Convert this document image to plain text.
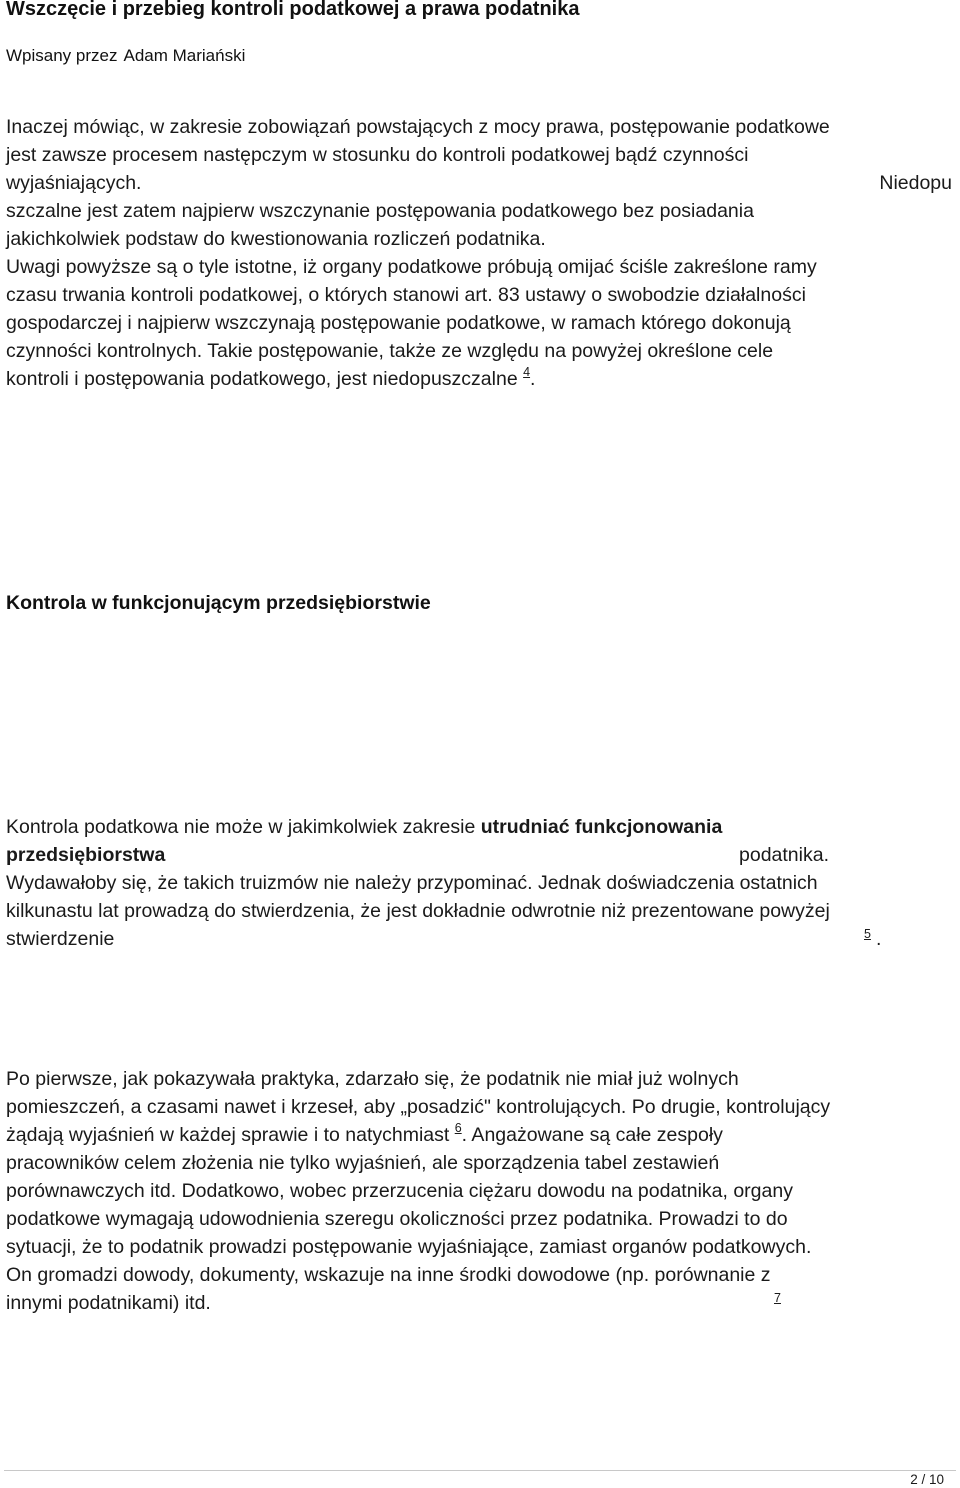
Wszczęcie i przebieg kontroli podatkowej a prawa podatnika
Wpisany przez Adam Mariański
Inaczej mówiąc, w zakresie zobowiązań powstających z mocy prawa, postępowanie podatkowe
jest zawsze procesem następczym w stosunku do kontroli podatkowej bądź czynności
wyjaśniających.	Niedopu
szczalne jest zatem najpierw wszczynanie postępowania podatkowego bez posiadania
jakichkolwiek podstaw do kwestionowania rozliczeń podatnika.
Uwagi powyższe są o tyle istotne, iż organy podatkowe próbują omijać ściśle zakreślone ramy
czasu trwania kontroli podatkowej, o których stanowi art. 83 ustawy o swobodzie działalności
gospodarczej i najpierw wszczynają postępowanie podatkowe, w ramach którego dokonują
czynności kontrolnych. Takie postępowanie, także ze względu na powyżej określone cele
kontroli i postępowania podatkowego, jest niedopuszczalne $^4$.
Kontrola w funkcjonującym przedsiębiorstwie
Kontrola podatkowa nie może w jakimkolwiek zakresie utrudniać funkcjonowania
przedsiębiorstwa	podatnika.
Wydawałoby się, że takich truizmów nie należy przypominać. Jednak doświadczenia ostatnich
kilkunastu lat prowadzą do stwierdzenia, że jest dokładnie odwrotnie niż prezentowane powyżej
stwierdzenie	5 .
Po pierwsze, jak pokazywała praktyka, zdarzało się, że podatnik nie miał już wolnych
pomieszczeń, a czasami nawet i krzeseł, aby „posadzić" kontrolujących. Po drugie, kontrolujący
żądają wyjaśnień w każdej sprawie i to natychmiast $^6$. Angażowane są całe zespoły
pracowników celem złożenia nie tylko wyjaśnień, ale sporządzenia tabel zestawień
porównawczych itd. Dodatkowo, wobec przerzucenia ciężaru dowodu na podatnika, organy
podatkowe wymagają udowodnienia szeregu okoliczności przez podatnika. Prowadzi to do
sytuacji, że to podatnik prowadzi postępowanie wyjaśniające, zamiast organów podatkowych.
On gromadzi dowody, dokumenty, wskazuje na inne środki dowodowe (np. porównanie z
innymi podatnikami) itd.	7
2 / 10
